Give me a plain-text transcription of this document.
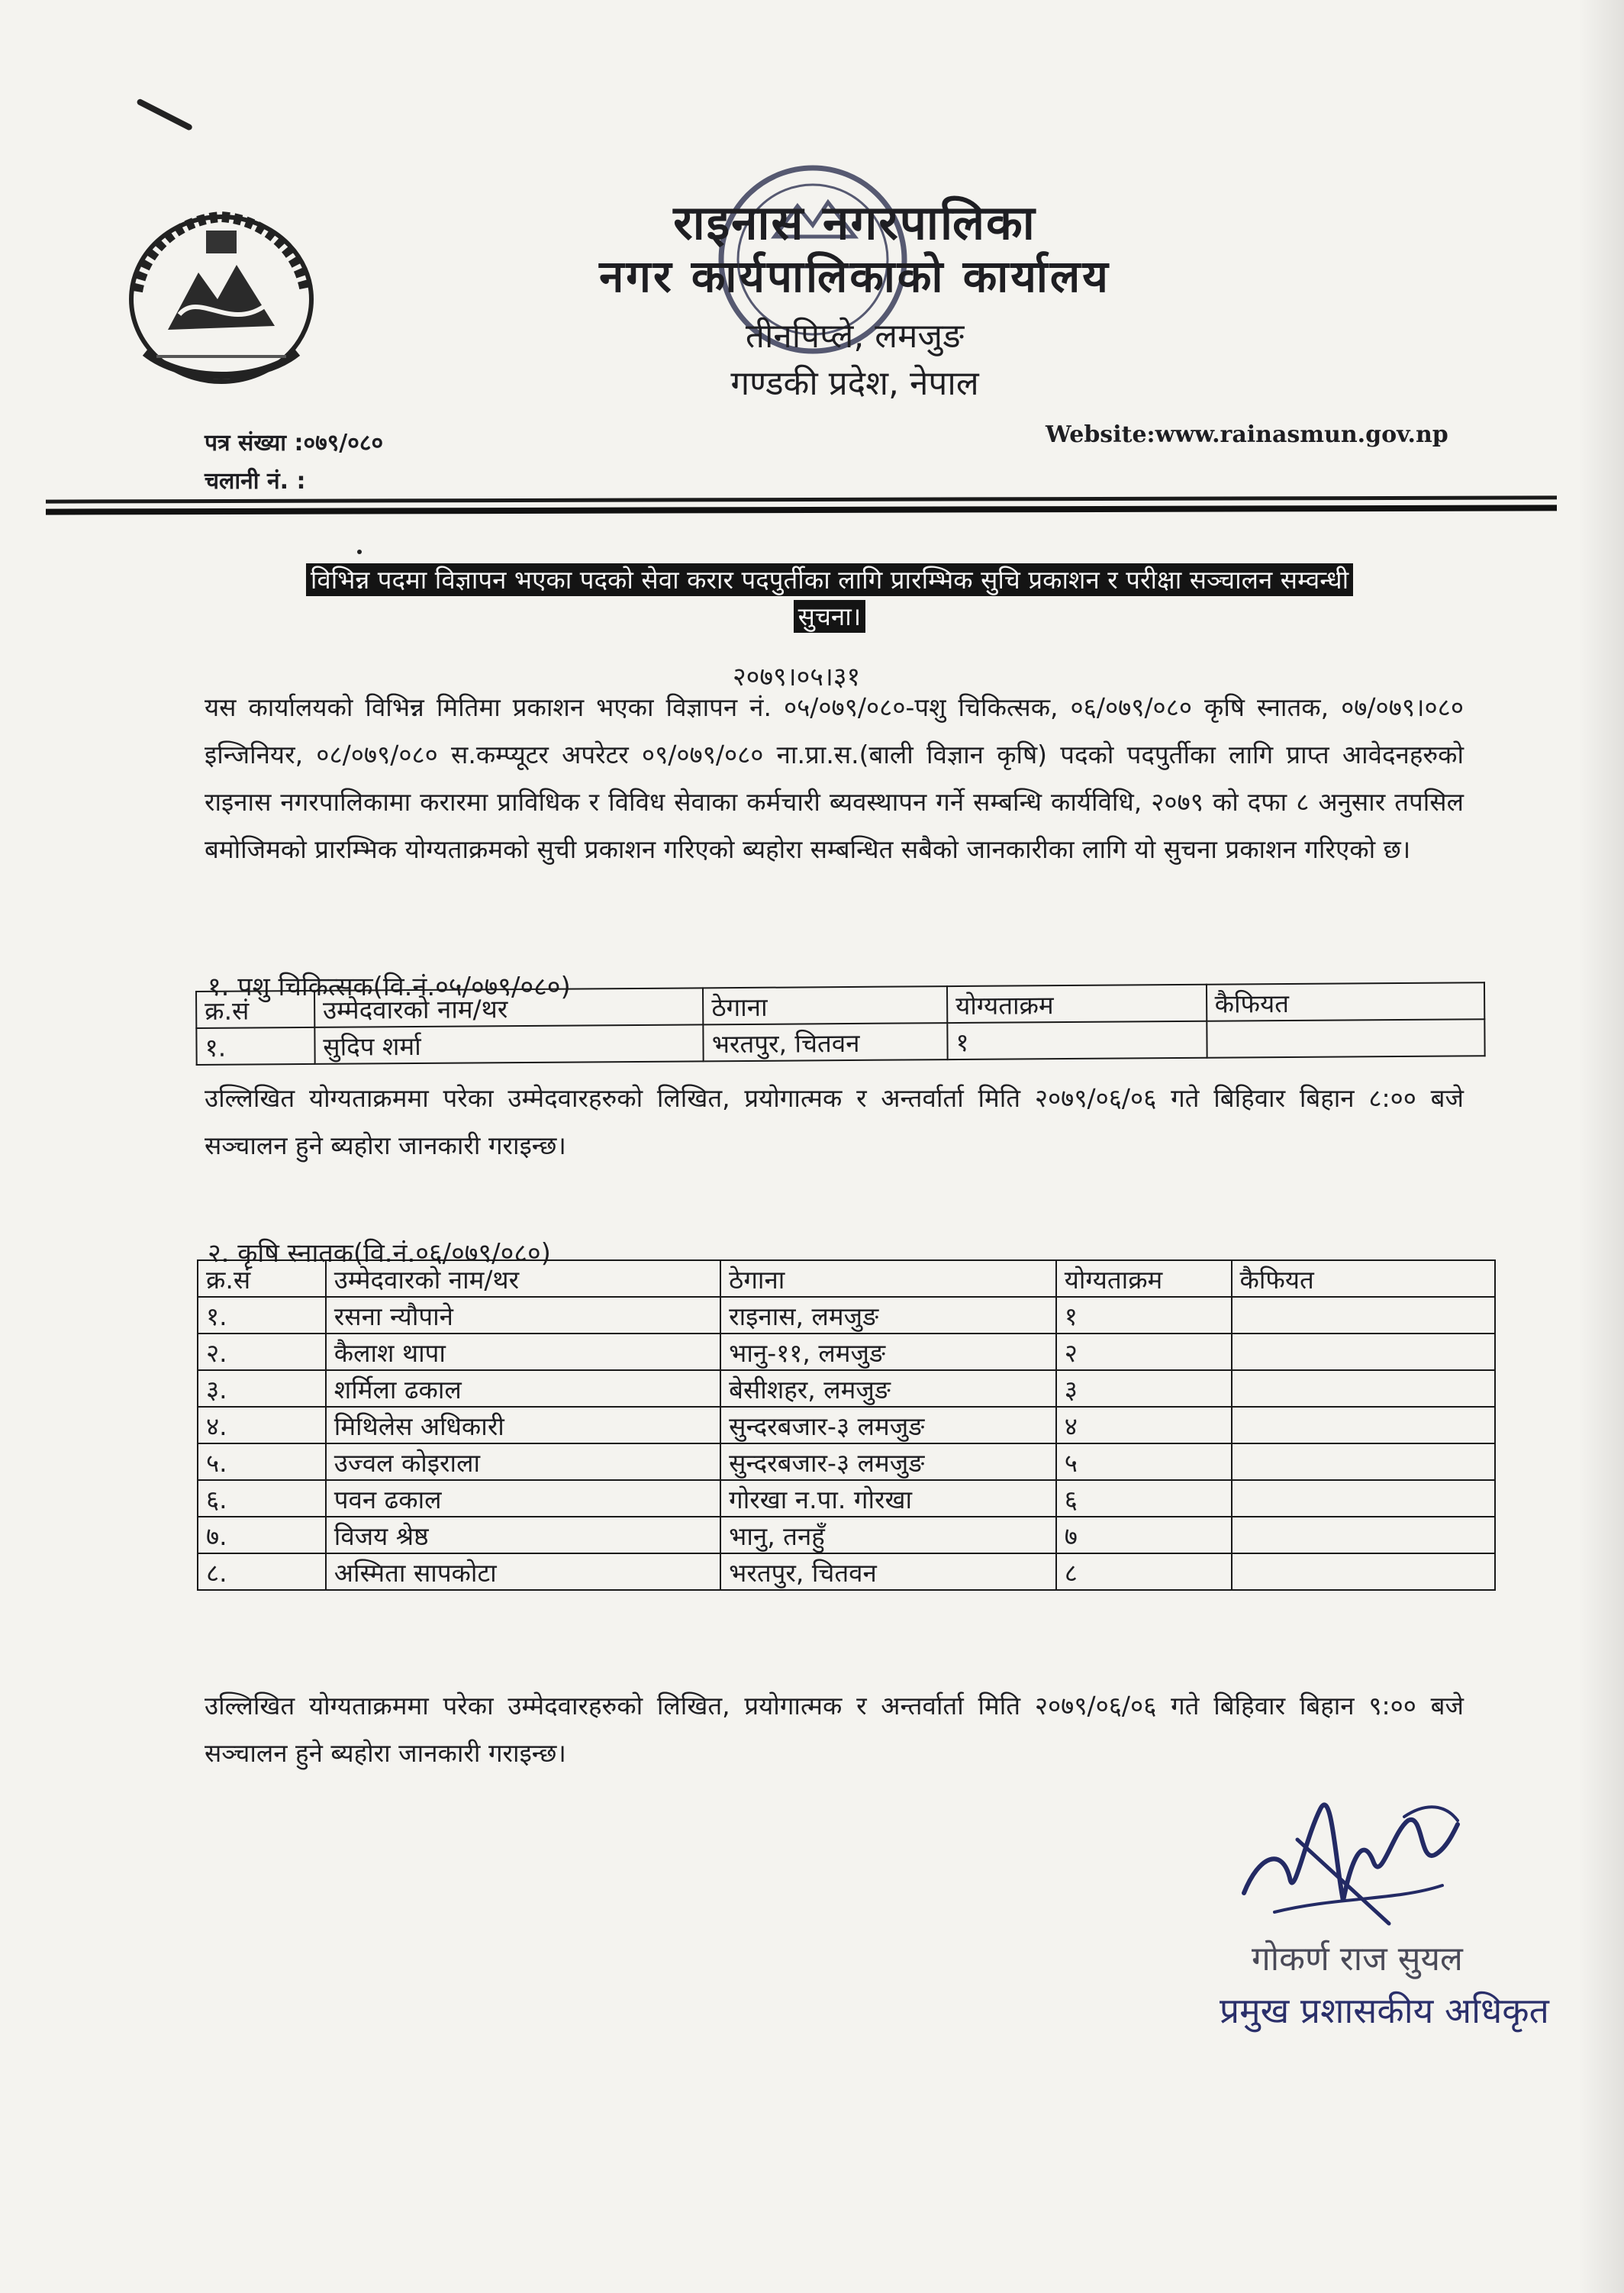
राइनास नगरपालिका
नगर कार्यपालिकाको कार्यालय
तीनपिप्ले, लमजुङ
गण्डकी प्रदेश, नेपाल
पत्र संख्या :०७९/०८०
चलानी नं. :
Website:www.rainasmun.gov.np
विभिन्न पदमा विज्ञापन भएका पदको सेवा करार पदपुर्तीका लागि प्रारम्भिक सुचि प्रकाशन र परीक्षा सञ्चालन सम्वन्धी
सुचना।
२०७९।०५।३१
यस कार्यालयको विभिन्न मितिमा प्रकाशन भएका विज्ञापन नं. ०५/०७९/०८०-पशु चिकित्सक, ०६/०७९/०८० कृषि स्नातक, ०७/०७९।०८० इन्जिनियर, ०८/०७९/०८० स.कम्प्यूटर अपरेटर ०९/०७९/०८० ना.प्रा.स.(बाली विज्ञान कृषि) पदको पदपुर्तीका लागि प्राप्त आवेदनहरुको राइनास नगरपालिकामा करारमा प्राविधिक र विविध सेवाका कर्मचारी ब्यवस्थापन गर्ने सम्बन्धि कार्यविधि, २०७९ को दफा ८ अनुसार तपसिल बमोजिमको प्रारम्भिक योग्यताक्रमको सुची प्रकाशन गरिएको ब्यहोरा सम्बन्धित सबैको जानकारीका लागि यो सुचना प्रकाशन गरिएको छ।
१. पशु चिकित्सक(वि.नं.०५/०७९/०८०)
क्र.सं	उम्मेदवारको नाम/थर	ठेगाना	योग्यताक्रम	कैफियत
१.	सुदिप शर्मा	भरतपुर, चितवन	१	
उल्लिखित योग्यताक्रममा परेका उम्मेदवारहरुको लिखित, प्रयोगात्मक र अन्तर्वार्ता मिति २०७९/०६/०६ गते बिहिवार बिहान ८:०० बजे सञ्चालन हुने ब्यहोरा जानकारी गराइन्छ।
२. कृषि स्नातक(वि.नं.०६/०७९/०८०)
क्र.सं	उम्मेदवारको नाम/थर	ठेगाना	योग्यताक्रम	कैफियत
१.	रसना न्यौपाने	राइनास, लमजुङ	१	
२.	कैलाश थापा	भानु-११, लमजुङ	२	
३.	शर्मिला ढकाल	बेसीशहर, लमजुङ	३	
४.	मिथिलेस अधिकारी	सुन्दरबजार-३ लमजुङ	४	
५.	उज्वल कोइराला	सुन्दरबजार-३ लमजुङ	५	
६.	पवन ढकाल	गोरखा न.पा. गोरखा	६	
७.	विजय श्रेष्ठ	भानु, तनहुँ	७	
८.	अस्मिता सापकोटा	भरतपुर, चितवन	८	
उल्लिखित योग्यताक्रममा परेका उम्मेदवारहरुको लिखित, प्रयोगात्मक र अन्तर्वार्ता मिति २०७९/०६/०६ गते बिहिवार बिहान ९:०० बजे सञ्चालन हुने ब्यहोरा जानकारी गराइन्छ।
गोकर्ण राज सुयल
प्रमुख प्रशासकीय अधिकृत
